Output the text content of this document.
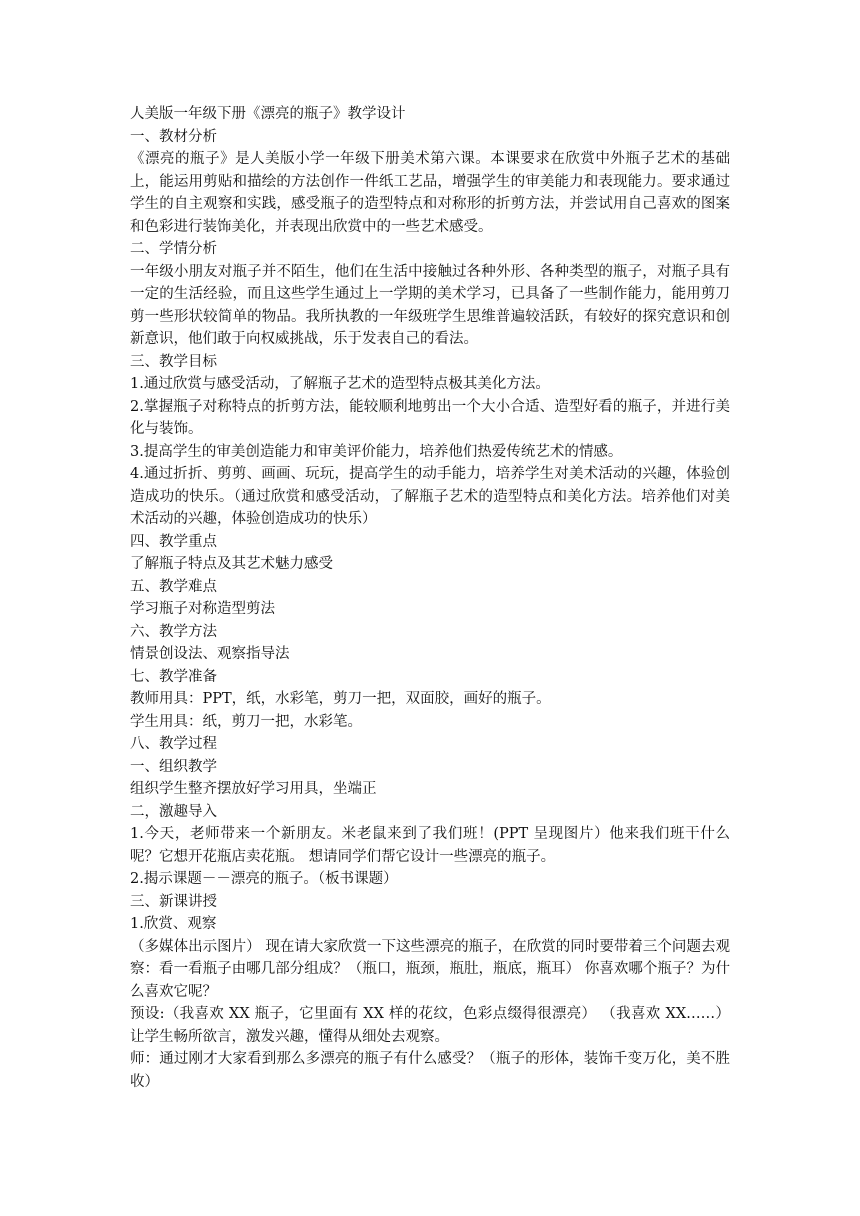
人美版一年级下册《漂亮的瓶子》教学设计

一、教材分析

《漂亮的瓶子》是人美版小学一年级下册美术第六课。本课要求在欣赏中外瓶子艺术的基础上，能运用剪贴和描绘的方法创作一件纸工艺品，增强学生的审美能力和表现能力。要求通过学生的自主观察和实践，感受瓶子的造型特点和对称形的折剪方法，并尝试用自己喜欢的图案和色彩进行装饰美化，并表现出欣赏中的一些艺术感受。

二、学情分析

一年级小朋友对瓶子并不陌生，他们在生活中接触过各种外形、各种类型的瓶子，对瓶子具有一定的生活经验，而且这些学生通过上一学期的美术学习，已具备了一些制作能力，能用剪刀剪一些形状较简单的物品。我所执教的一年级班学生思维普遍较活跃，有较好的探究意识和创新意识，他们敢于向权威挑战，乐于发表自己的看法。

三、教学目标

1.通过欣赏与感受活动，了解瓶子艺术的造型特点极其美化方法。

2.掌握瓶子对称特点的折剪方法，能较顺利地剪出一个大小合适、造型好看的瓶子，并进行美化与装饰。

3.提高学生的审美创造能力和审美评价能力，培养他们热爱传统艺术的情感。

4.通过折折、剪剪、画画、玩玩，提高学生的动手能力，培养学生对美术活动的兴趣，体验创造成功的快乐。（通过欣赏和感受活动，了解瓶子艺术的造型特点和美化方法。培养他们对美术活动的兴趣，体验创造成功的快乐）

四、教学重点

了解瓶子特点及其艺术魅力感受

五、教学难点

学习瓶子对称造型剪法

六、教学方法

情景创设法、观察指导法

七、教学准备

教师用具：PPT，纸，水彩笔，剪刀一把，双面胶，画好的瓶子。

学生用具：纸，剪刀一把，水彩笔。

八、教学过程

一、组织教学

组织学生整齐摆放好学习用具，坐端正

二，激趣导入

1.今天，老师带来一个新朋友。米老鼠来到了我们班！(PPT 呈现图片）他来我们班干什么呢？它想开花瓶店卖花瓶。 想请同学们帮它设计一些漂亮的瓶子。

2.揭示课题－－漂亮的瓶子。（板书课题）

三、新课讲授

1.欣赏、观察

（多媒体出示图片） 现在请大家欣赏一下这些漂亮的瓶子，在欣赏的同时要带着三个问题去观察：看一看瓶子由哪几部分组成？（瓶口，瓶颈，瓶肚，瓶底，瓶耳） 你喜欢哪个瓶子？为什么喜欢它呢？

预设:（我喜欢 XX 瓶子，它里面有 XX 样的花纹，色彩点缀得很漂亮） （我喜欢 XX……）让学生畅所欲言，激发兴趣，懂得从细处去观察。

师：通过刚才大家看到那么多漂亮的瓶子有什么感受？（瓶子的形体，装饰千变万化，美不胜收）
